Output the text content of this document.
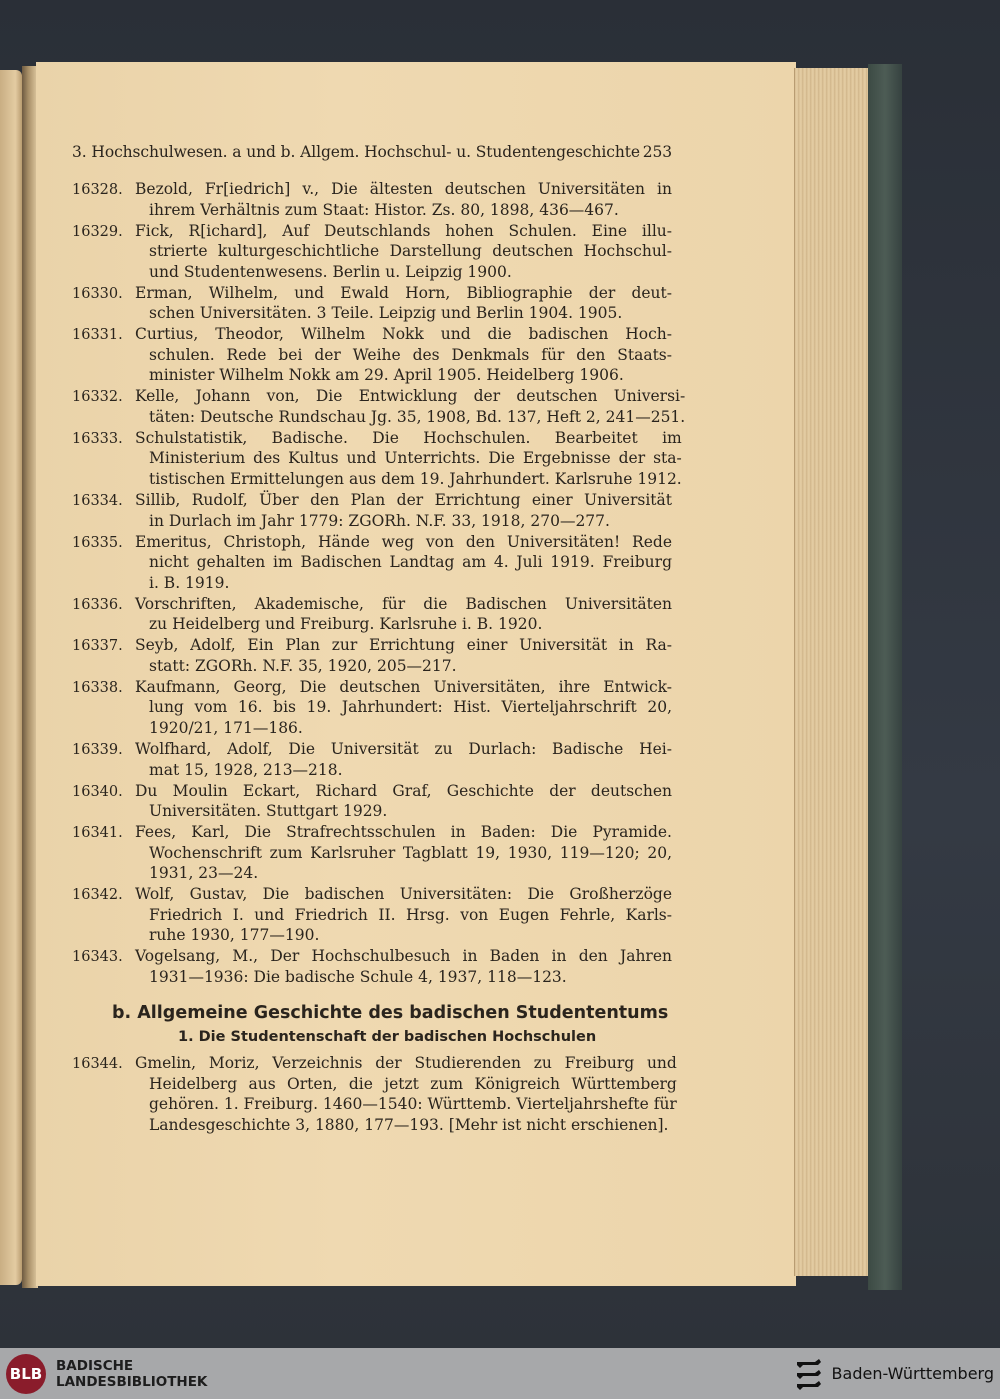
3. Hochschulwesen. a und b. Allgem. Hochschul- u. Studentengeschichte 253
16328. Bezold, Fr[iedrich] v., Die ältesten deutschen Universitäten in
ihrem Verhältnis zum Staat: Histor. Zs. 80, 1898, 436—467.
16329. Fick, R[ichard], Auf Deutschlands hohen Schulen. Eine illu-
strierte kulturgeschichtliche Darstellung deutschen Hochschul-
und Studentenwesens. Berlin u. Leipzig 1900.
16330. Erman, Wilhelm, und Ewald Horn, Bibliographie der deut-
schen Universitäten. 3 Teile. Leipzig und Berlin 1904. 1905.
16331. Curtius, Theodor, Wilhelm Nokk und die badischen Hoch-
schulen. Rede bei der Weihe des Denkmals für den Staats-
minister Wilhelm Nokk am 29. April 1905. Heidelberg 1906.
16332. Kelle, Johann von, Die Entwicklung der deutschen Universi-
täten: Deutsche Rundschau Jg. 35, 1908, Bd. 137, Heft 2, 241—251.
16333. Schulstatistik, Badische. Die Hochschulen. Bearbeitet im
Ministerium des Kultus und Unterrichts. Die Ergebnisse der sta-
tistischen Ermittelungen aus dem 19. Jahrhundert. Karlsruhe 1912.
16334. Sillib, Rudolf, Über den Plan der Errichtung einer Universität
in Durlach im Jahr 1779: ZGORh. N.F. 33, 1918, 270—277.
16335. Emeritus, Christoph, Hände weg von den Universitäten! Rede
nicht gehalten im Badischen Landtag am 4. Juli 1919. Freiburg
i. B. 1919.
16336. Vorschriften, Akademische, für die Badischen Universitäten
zu Heidelberg und Freiburg. Karlsruhe i. B. 1920.
16337. Seyb, Adolf, Ein Plan zur Errichtung einer Universität in Ra-
statt: ZGORh. N.F. 35, 1920, 205—217.
16338. Kaufmann, Georg, Die deutschen Universitäten, ihre Entwick-
lung vom 16. bis 19. Jahrhundert: Hist. Vierteljahrschrift 20,
1920/21, 171—186.
16339. Wolfhard, Adolf, Die Universität zu Durlach: Badische Hei-
mat 15, 1928, 213—218.
16340. Du Moulin Eckart, Richard Graf, Geschichte der deutschen
Universitäten. Stuttgart 1929.
16341. Fees, Karl, Die Strafrechtsschulen in Baden: Die Pyramide.
Wochenschrift zum Karlsruher Tagblatt 19, 1930, 119—120; 20,
1931, 23—24.
16342. Wolf, Gustav, Die badischen Universitäten: Die Großherzöge
Friedrich I. und Friedrich II. Hrsg. von Eugen Fehrle, Karls-
ruhe 1930, 177—190.
16343. Vogelsang, M., Der Hochschulbesuch in Baden in den Jahren
1931—1936: Die badische Schule 4, 1937, 118—123.
b. Allgemeine Geschichte des badischen Studententums
1. Die Studentenschaft der badischen Hochschulen
16344. Gmelin, Moriz, Verzeichnis der Studierenden zu Freiburg und
Heidelberg aus Orten, die jetzt zum Königreich Württemberg
gehören. 1. Freiburg. 1460—1540: Württemb. Vierteljahrshefte für
Landesgeschichte 3, 1880, 177—193. [Mehr ist nicht erschienen].
BLB BADISCHE
LANDESBIBLIOTHEK	Baden-Württemberg
